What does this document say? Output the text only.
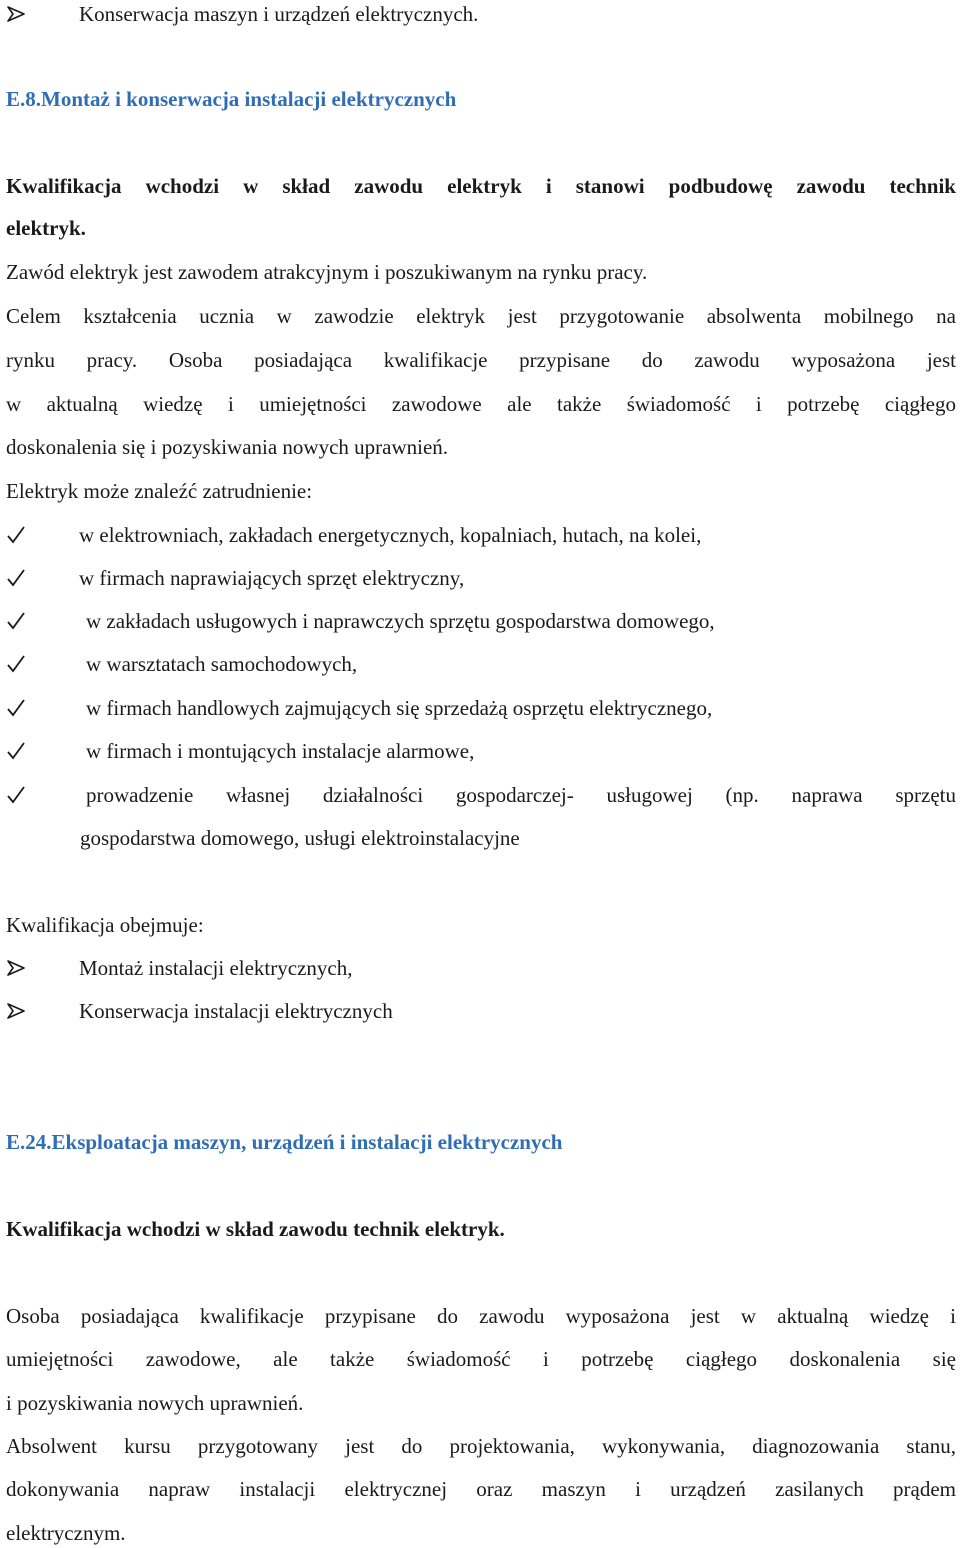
Konserwacja maszyn i urządzeń elektrycznych.
E.8.Montaż i konserwacja instalacji elektrycznych
Kwalifikacja wchodzi w skład zawodu elektryk i stanowi podbudowę zawodu technik
elektryk.
Zawód elektryk jest zawodem atrakcyjnym i poszukiwanym na rynku pracy.
Celem kształcenia ucznia w zawodzie elektryk jest przygotowanie absolwenta mobilnego na
rynku pracy. Osoba posiadająca kwalifikacje przypisane do zawodu wyposażona jest
w aktualną wiedzę i umiejętności zawodowe ale także świadomość i potrzebę ciągłego
doskonalenia się i pozyskiwania nowych uprawnień.
Elektryk może znaleźć zatrudnienie:
w elektrowniach, zakładach energetycznych, kopalniach, hutach, na kolei,
w firmach naprawiających sprzęt elektryczny,
w zakładach usługowych i naprawczych sprzętu gospodarstwa domowego,
w warsztatach samochodowych,
w firmach handlowych zajmujących się sprzedażą osprzętu elektrycznego,
w firmach i montujących instalacje alarmowe,
prowadzenie własnej działalności gospodarczej- usługowej (np. naprawa sprzętu
gospodarstwa domowego, usługi elektroinstalacyjne
Kwalifikacja obejmuje:
Montaż instalacji elektrycznych,
Konserwacja instalacji elektrycznych
E.24.Eksploatacja maszyn, urządzeń i instalacji elektrycznych
Kwalifikacja wchodzi w skład zawodu technik elektryk.
Osoba posiadająca kwalifikacje przypisane do zawodu wyposażona jest w aktualną wiedzę i
umiejętności zawodowe, ale także świadomość i potrzebę ciągłego doskonalenia się
i pozyskiwania nowych uprawnień.
Absolwent kursu przygotowany jest do projektowania, wykonywania, diagnozowania stanu,
dokonywania napraw instalacji elektrycznej oraz maszyn i urządzeń zasilanych prądem
elektrycznym.
